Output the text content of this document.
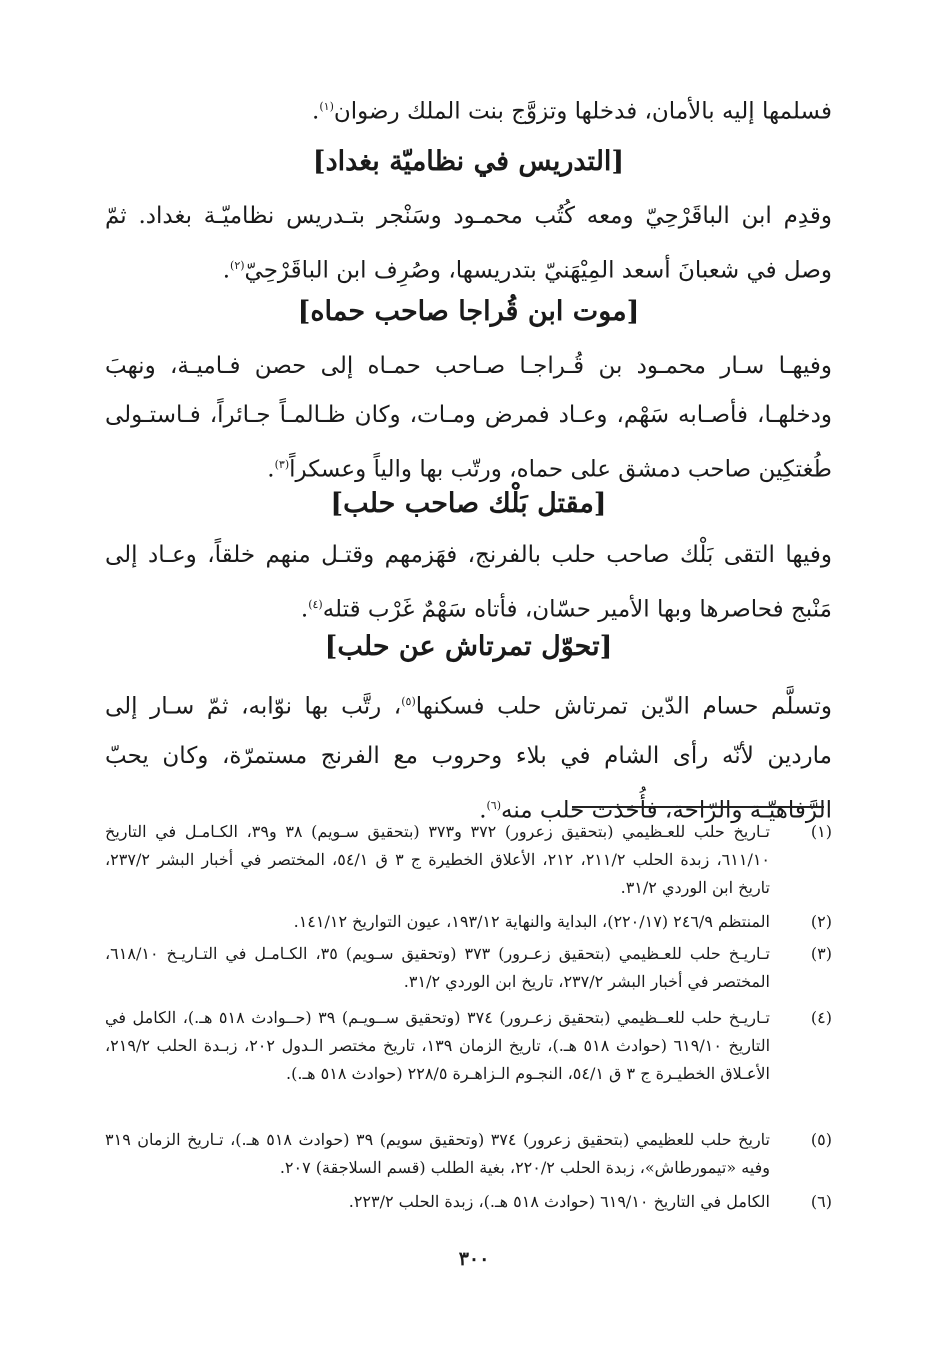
فسلمها إليه بالأمان، فدخلها وتزوَّج بنت الملك رضوان$^{(١)}$.
[التدريس في نظاميّة بغداد]
وقدِم ابن الباقَرْحِيّ ومعه كُتُب محمـود وسَنْجر بتـدريس نظاميّـة بغداد. ثمّ وصل في شعبانَ أسعد المِيْهَنيّ بتدريسها، وصُرِف ابن الباقَرْحِيّ$^{(٢)}$.
[موت ابن قُراجا صاحب حماه]
وفيهـا سـار محمـود بن قُـراجـا صـاحب حمـاه إلى حصن فـاميـة، ونهبَ ودخلهـا، فأصـابه سَهْم، وعـاد فمرض ومـات، وكان ظـالمـاً جـائراً، فـاستـولى طُغتكِين صاحب دمشق على حماه، ورتّب بها والياً وعسكراً$^{(٣)}$.
[مقتل بَلْك صاحب حلب]
وفيها التقى بَلْك صاحب حلب بالفرنج، فهَزمهم وقتـل منهم خلقاً، وعـاد إلى مَنْبج فحاصرها وبها الأمير حسّان، فأتاه سَهْمٌ غَرْب قتله$^{(٤)}$.
[تحوّل تمرتاش عن حلب]
وتسلَّم حسام الدّين تمرتاش حلب فسكنها$^{(٥)}$، رتَّب بها نوّابه، ثمّ سـار إلى ماردين لأنّه رأى الشام في بلاء وحروب مع الفرنج مستمرّة، وكان يحبّ الرَّفاهيّـة والرّاحة، فأُخذت حلب منه$^{(٦)}$.
(١)
تـاريخ حلب للعـظيمي (بتحقيق زعرور) ٣٧٢ و٣٧٣ (بتحقيق سـويم) ٣٨ و٣٩، الكـامـل في التاريخ ٦١١/١٠، زبدة الحلب ٢١١/٢، ٢١٢، الأعلاق الخطيرة ج ٣ ق ٥٤/١، المختصر في أخبار البشر ٢٣٧/٢، تاريخ ابن الوردي ٣١/٢.
(٢)
المنتظم ٢٤٦/٩ (٢٢٠/١٧)، البداية والنهاية ١٩٣/١٢، عيون التواريخ ١٤١/١٢.
(٣)
تـاريـخ حلب للعـظيمي (بتحقيق زعـرور) ٣٧٣ (وتحقيق سـويم) ٣٥، الكـامـل في التـاريـخ ٦١٨/١٠، المختصر في أخبار البشر ٢٣٧/٢، تاريخ ابن الوردي ٣١/٢.
(٤)
تـاريـخ حلب للعــظيمي (بتحقيق زعـرور) ٣٧٤ (وتحقيق ســويـم) ٣٩ (حــوادث ٥١٨ هـ.)، الكامل في التاريخ ٦١٩/١٠ (حوادث ٥١٨ هـ.)، تاريخ الزمان ١٣٩، تاريخ مختصر الـدول ٢٠٢، زبـدة الحلب ٢١٩/٢، الأعـلاق الخطيـرة ج ٣ ق ٥٤/١، النجـوم الـزاهـرة ٢٢٨/٥ (حوادث ٥١٨ هـ.).
(٥)
تاريخ حلب للعظيمي (بتحقيق زعرور) ٣٧٤ (وتحقيق سويم) ٣٩ (حوادث ٥١٨ هـ.)، تـاريخ الزمان ٣١٩ وفيه «تيمورطاش»، زبدة الحلب ٢٢٠/٢، بغية الطلب (قسم السلاجقة) ٢٠٧.
(٦)
الكامل في التاريخ ٦١٩/١٠ (حوادث ٥١٨ هـ.)، زبدة الحلب ٢٢٣/٢.
٣٠٠
